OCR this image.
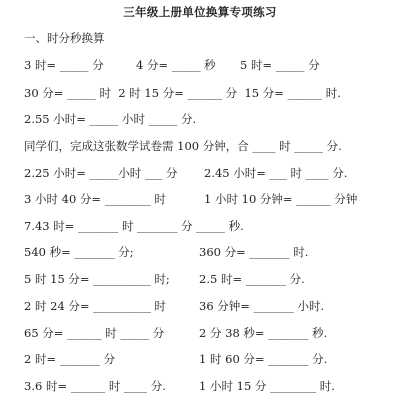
三年级上册单位换算专项练习
一、时分秒换算
3 时= _____ 分	4 分= _____ 秒 5 时= _____ 分
30 分= _____ 时  2 时 15 分= ______ 分  15 分= ______ 时.
2.55 小时= _____ 小时 _____ 分.
同学们，完成这张数学试卷需 100 分钟，合 ____ 时 _____ 分.
2.25 小时= _____小时 ___ 分 2.45 小时= ___ 时 ____ 分.
3 小时 40 分= ________ 时	1 小时 10 分钟= ______ 分钟
7.43 时= _______ 时 _______ 分 _____ 秒.
540 秒= _______ 分;	360 分= _______ 时.
5 时 15 分= __________ 时;	2.5 时= _______ 分.
2 时 24 分= __________ 时	36 分钟= _______ 小时.
65 分= ______ 时 _____ 分	2 分 38 秒= _______ 秒.
2 时= _______ 分	1 时 60 分= _______ 分.
3.6 时= ______ 时 ____ 分.	1 小时 15 分 ________ 时.
